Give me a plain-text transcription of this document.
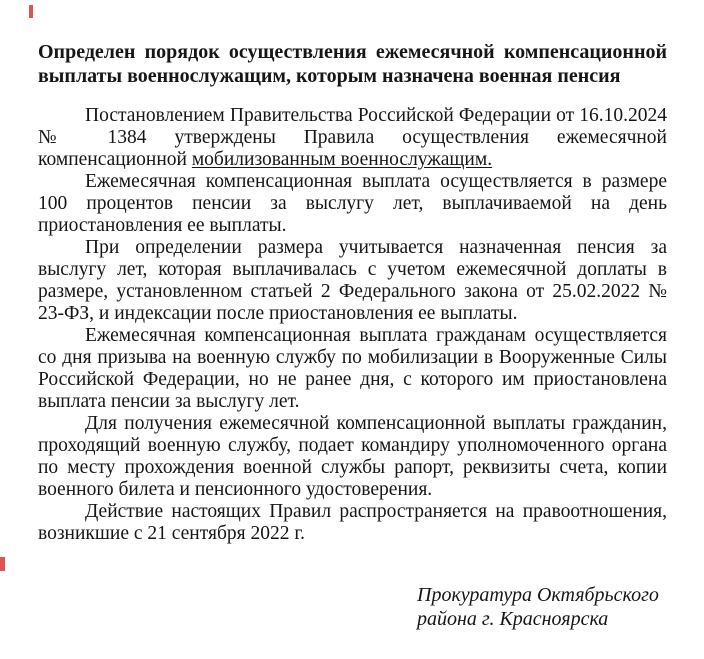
Определен порядок осуществления ежемесячной компенсационной выплаты военнослужащим, которым назначена военная пенсия

Постановлением Правительства Российской Федерации от 16.10.2024 № 1384 утверждены Правила осуществления ежемесячной компенсационной мобилизованным военнослужащим.

Ежемесячная компенсационная выплата осуществляется в размере 100 процентов пенсии за выслугу лет, выплачиваемой на день приостановления ее выплаты.

При определении размера учитывается назначенная пенсия за выслугу лет, которая выплачивалась с учетом ежемесячной доплаты в размере, установленном статьей 2 Федерального закона от 25.02.2022 № 23-ФЗ, и индексации после приостановления ее выплаты.

Ежемесячная компенсационная выплата гражданам осуществляется со дня призыва на военную службу по мобилизации в Вооруженные Силы Российской Федерации, но не ранее дня, с которого им приостановлена выплата пенсии за выслугу лет.

Для получения ежемесячной компенсационной выплаты гражданин, проходящий военную службу, подает командиру уполномоченного органа по месту прохождения военной службы рапорт, реквизиты счета, копии военного билета и пенсионного удостоверения.

Действие настоящих Правил распространяется на правоотношения, возникшие с 21 сентября 2022 г.

Прокуратура Октябрьского
района г. Красноярска
